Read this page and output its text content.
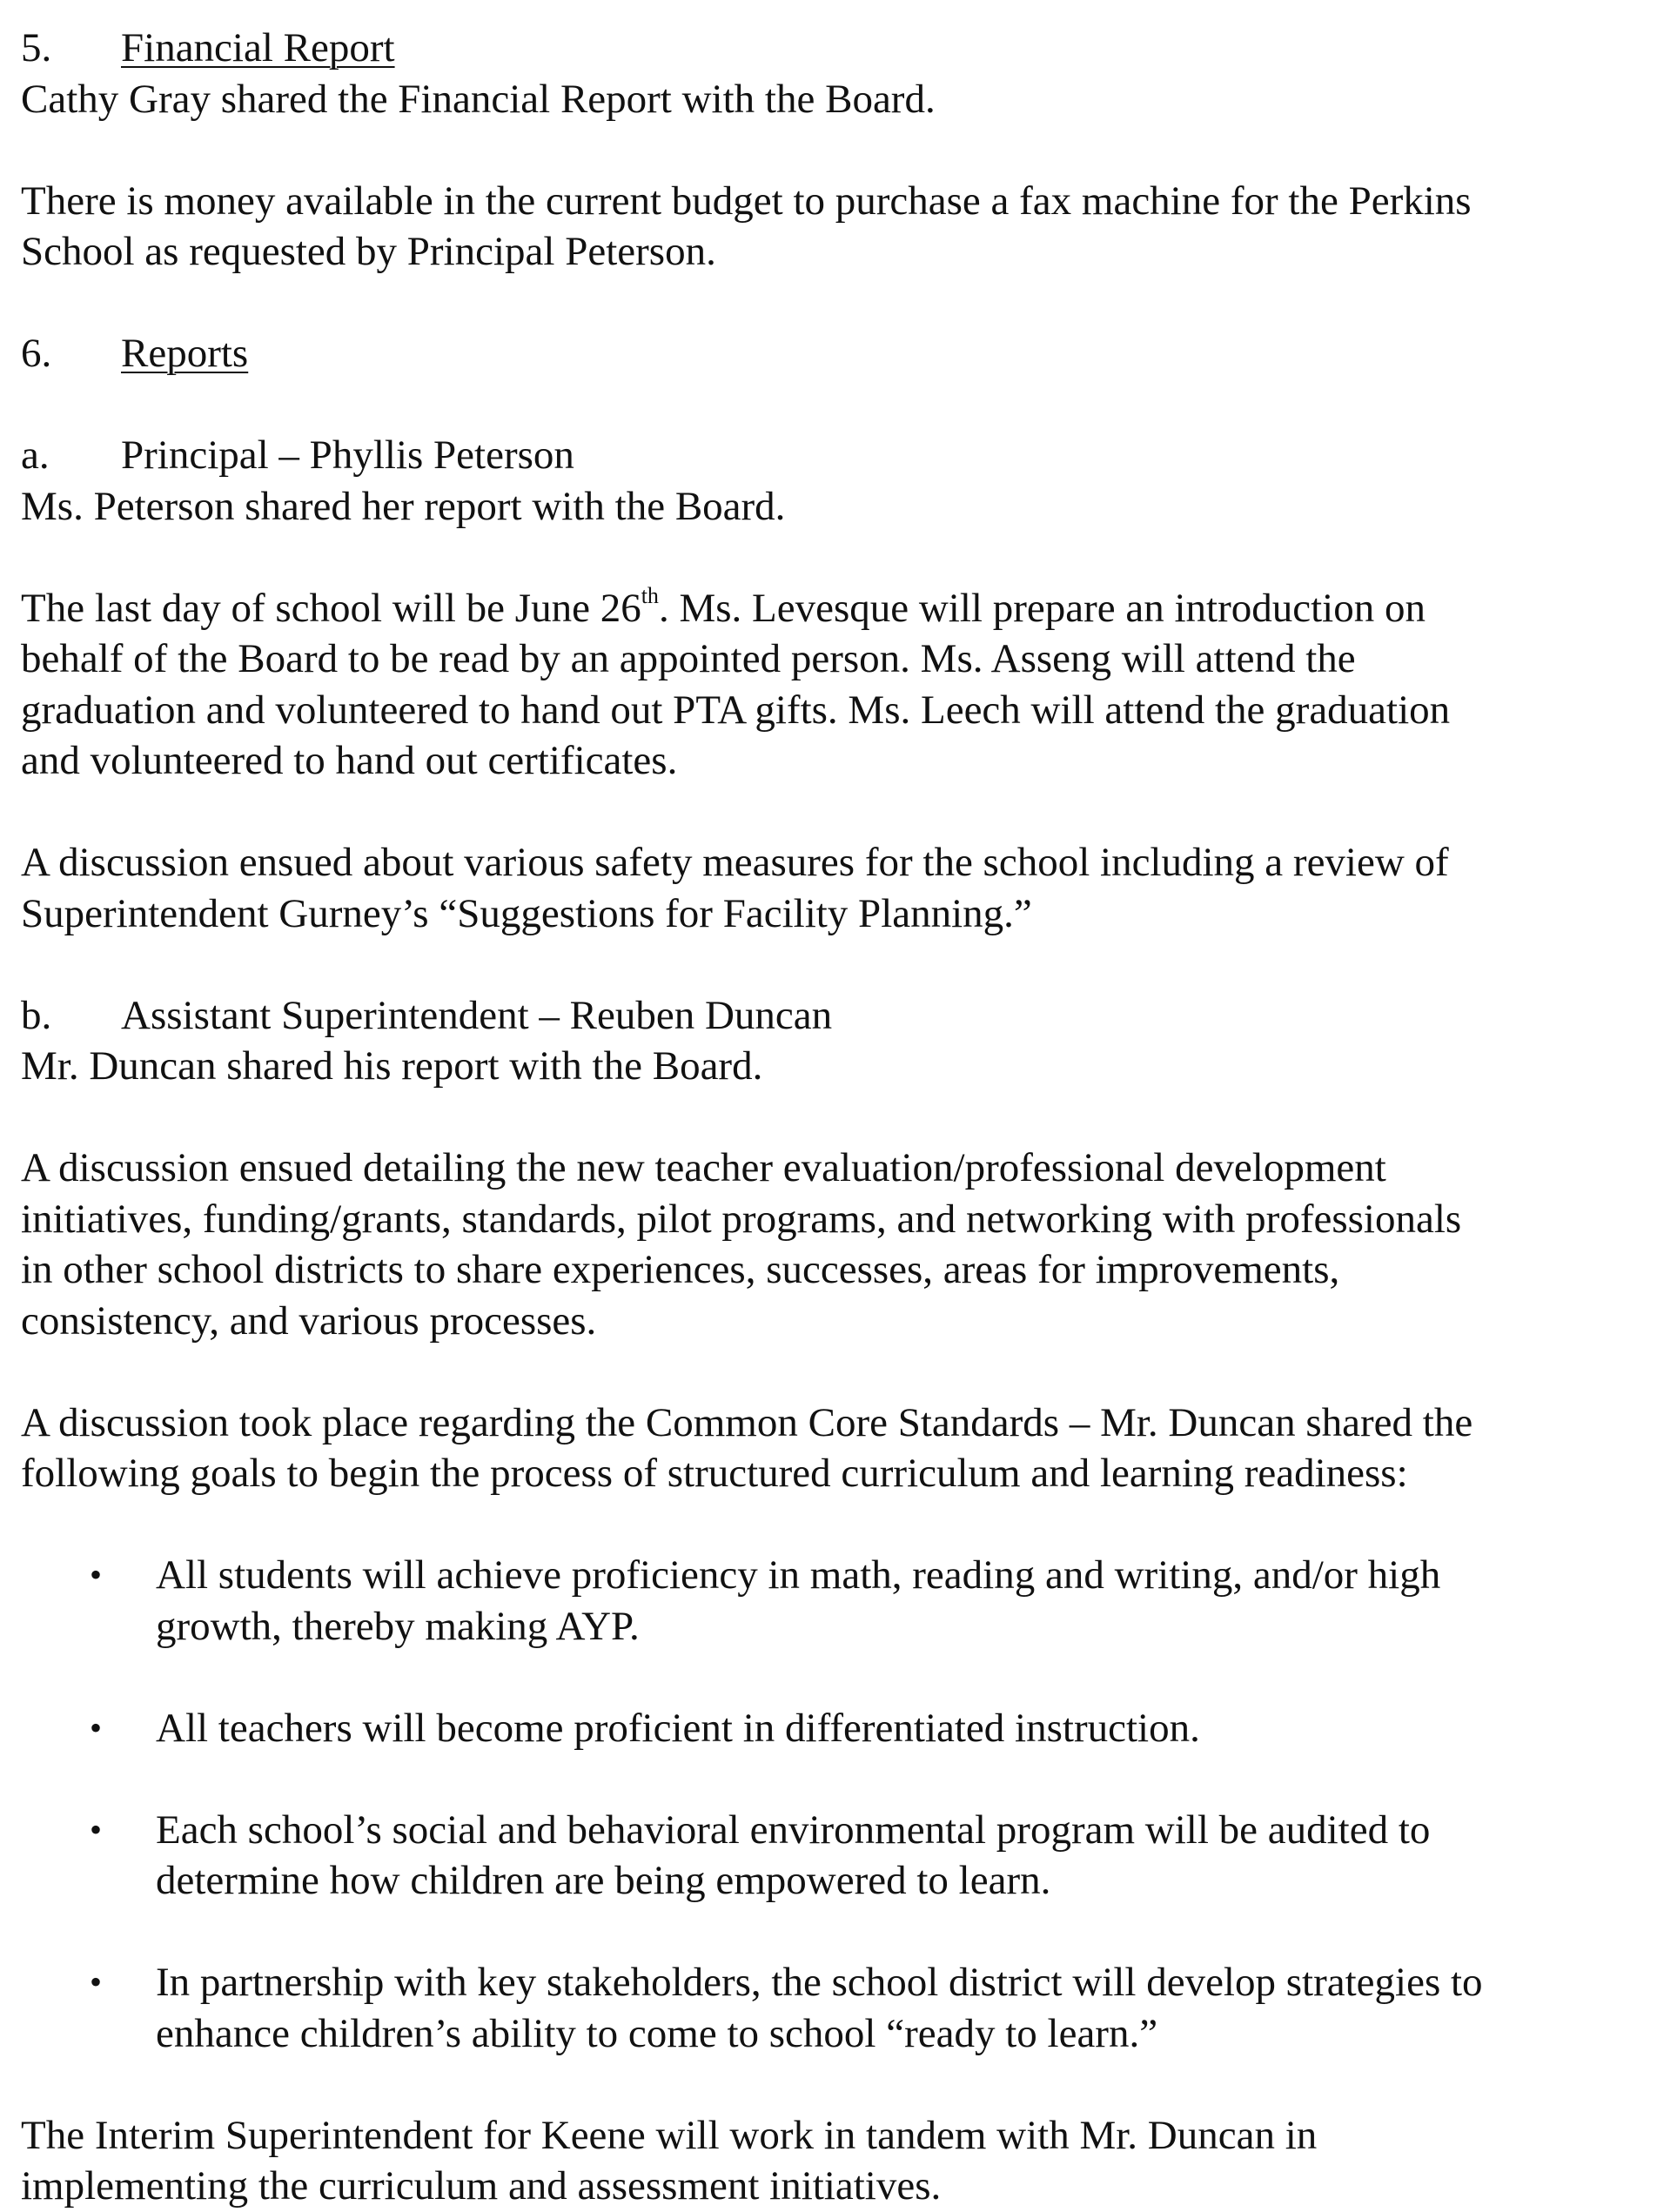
5. Financial Report
Cathy Gray shared the Financial Report with the Board.
There is money available in the current budget to purchase a fax machine for the Perkins
School as requested by Principal Peterson.
6. Reports
a. Principal – Phyllis Peterson
Ms. Peterson shared her report with the Board.
The last day of school will be June 26th. Ms. Levesque will prepare an introduction on
behalf of the Board to be read by an appointed person. Ms. Asseng will attend the
graduation and volunteered to hand out PTA gifts. Ms. Leech will attend the graduation
and volunteered to hand out certificates.
A discussion ensued about various safety measures for the school including a review of
Superintendent Gurney’s “Suggestions for Facility Planning.”
b. Assistant Superintendent – Reuben Duncan
Mr. Duncan shared his report with the Board.
A discussion ensued detailing the new teacher evaluation/professional development
initiatives, funding/grants, standards, pilot programs, and networking with professionals
in other school districts to share experiences, successes, areas for improvements,
consistency, and various processes.
A discussion took place regarding the Common Core Standards – Mr. Duncan shared the
following goals to begin the process of structured curriculum and learning readiness:
• All students will achieve proficiency in math, reading and writing, and/or high
growth, thereby making AYP.
• All teachers will become proficient in differentiated instruction.
• Each school’s social and behavioral environmental program will be audited to
determine how children are being empowered to learn.
• In partnership with key stakeholders, the school district will develop strategies to
enhance children’s ability to come to school “ready to learn.”
The Interim Superintendent for Keene will work in tandem with Mr. Duncan in
implementing the curriculum and assessment initiatives.
